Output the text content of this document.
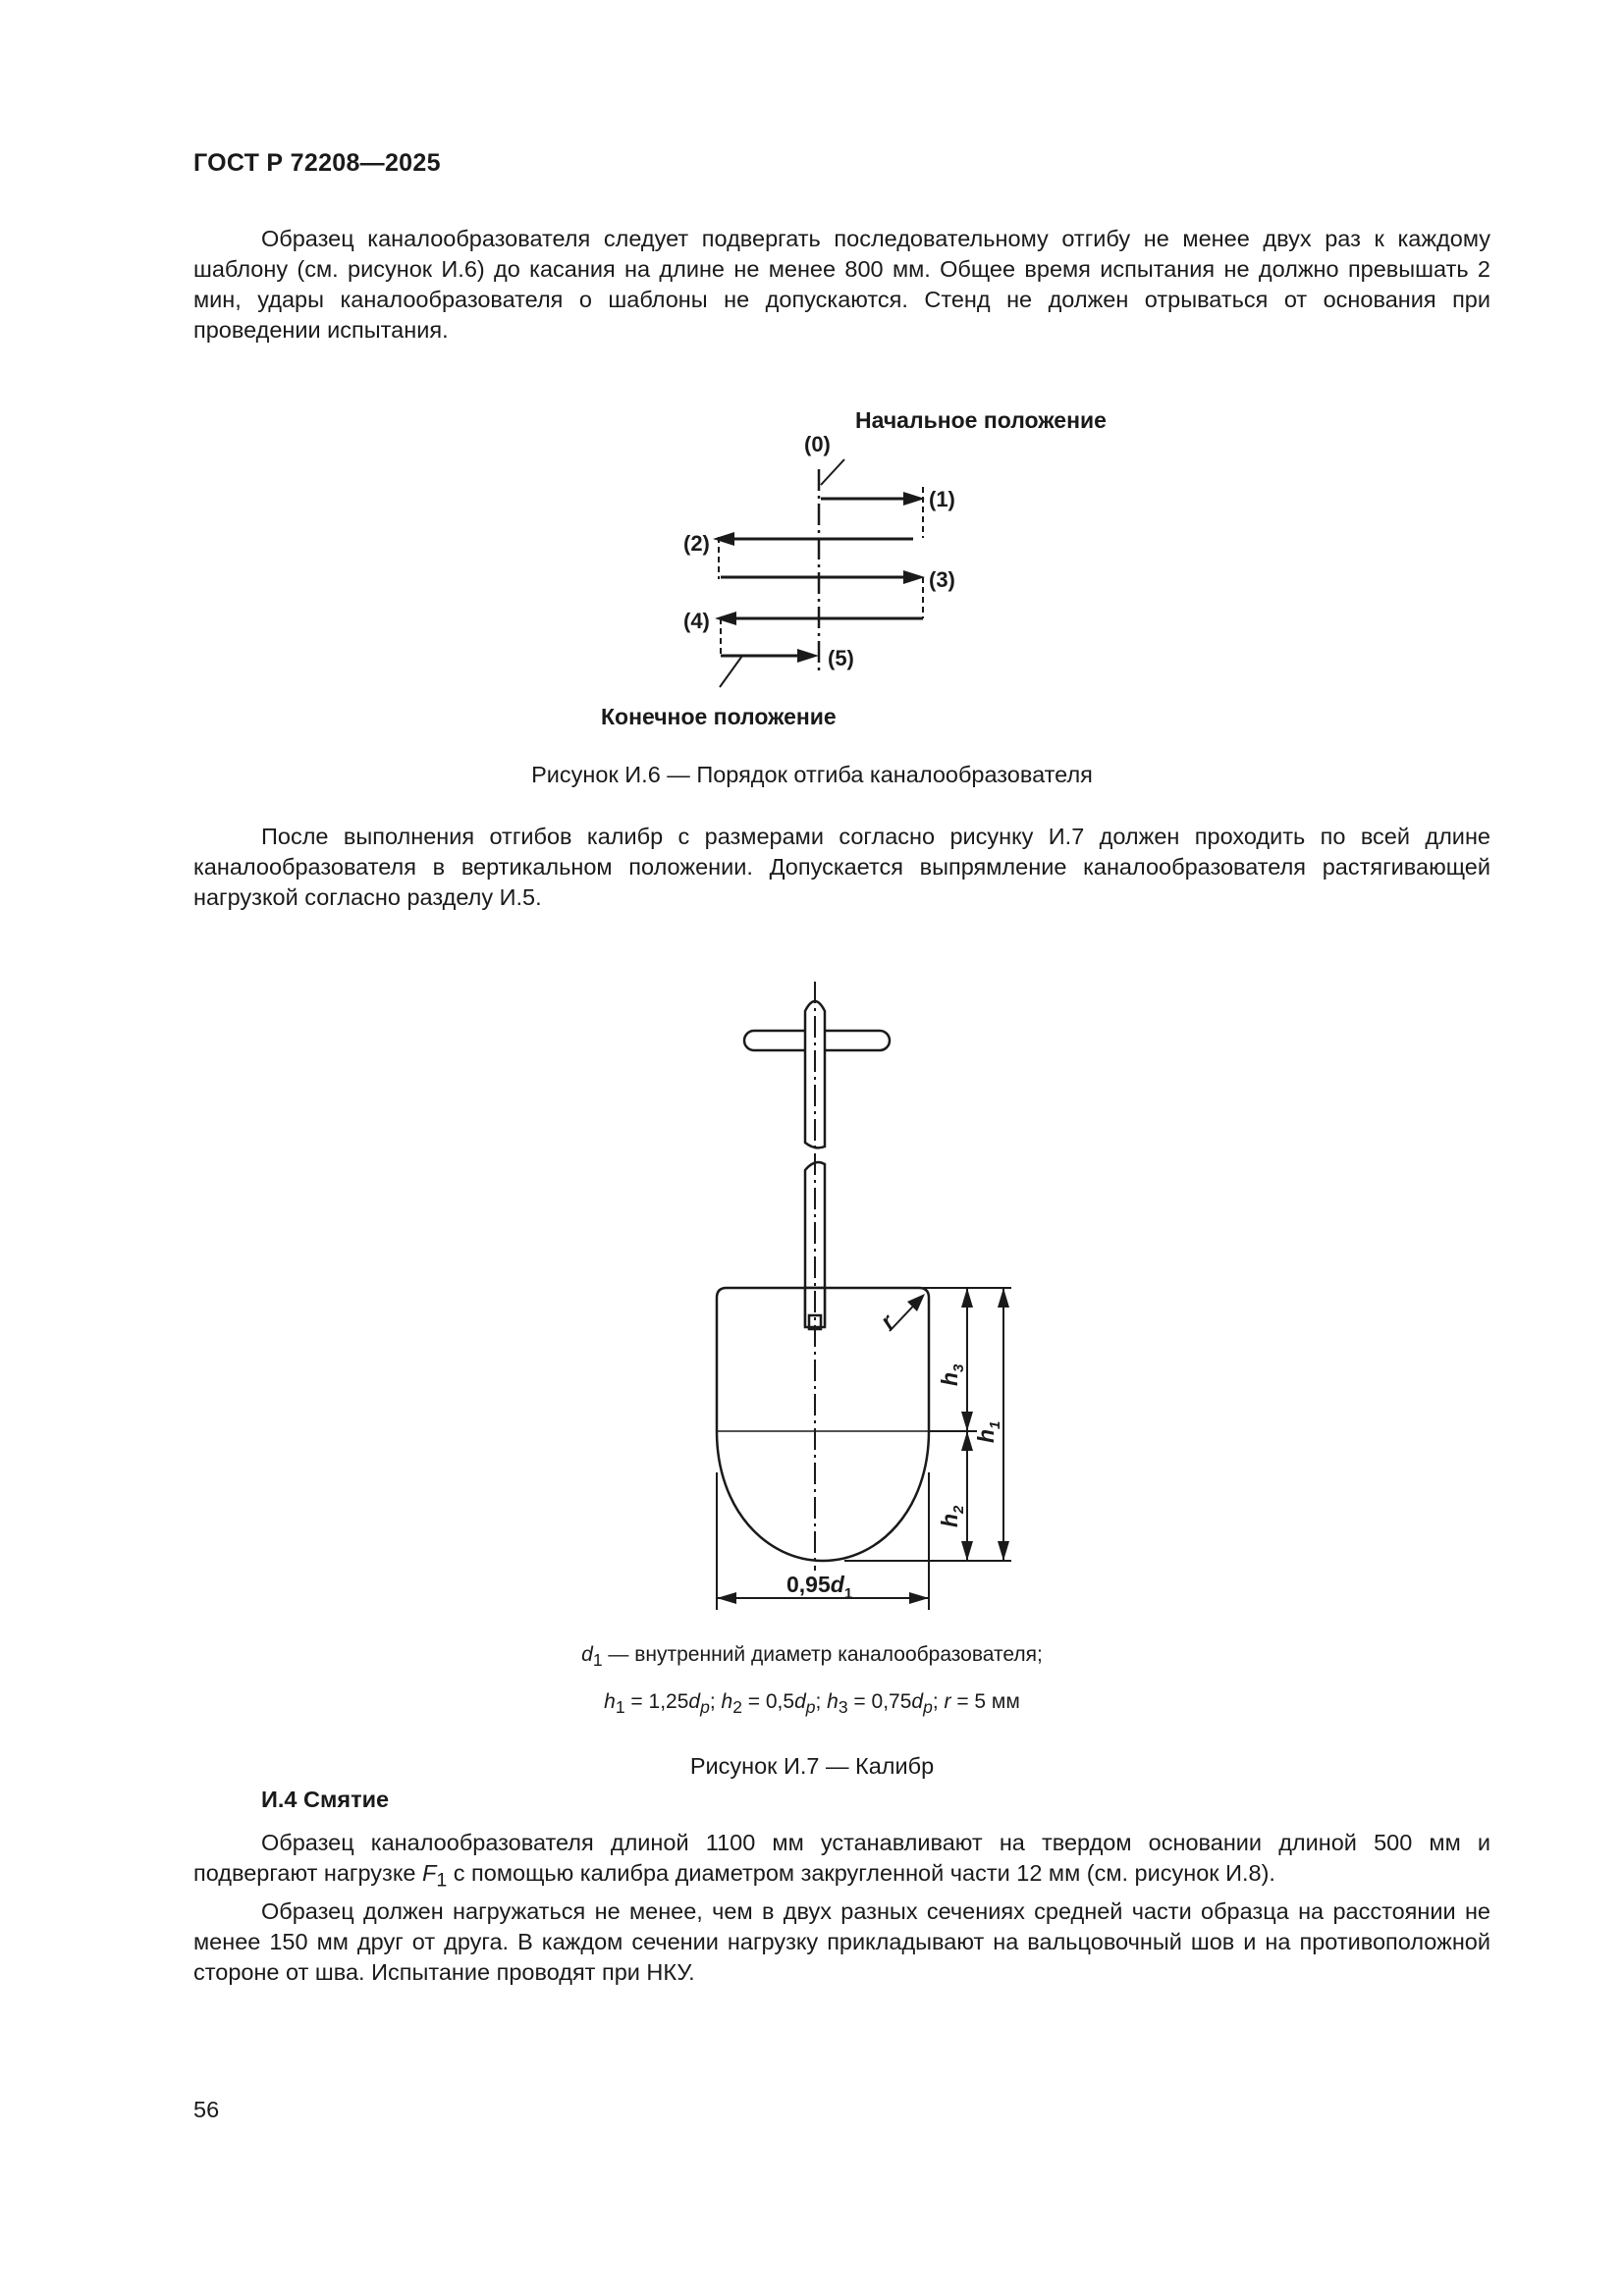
ГОСТ Р 72208—2025

Образец каналообразователя следует подвергать последовательному отгибу не менее двух раз к каждому шаблону (см. рисунок И.6) до касания на длине не менее 800 мм. Общее время испытания не должно превышать 2 мин, удары каналообразователя о шаблоны не допускаются. Стенд не должен отрываться от основания при проведении испытания.

Начальное положение
Конечное положение
(0)
(1)
(2)
(3)
(4)
(5)
$0,95d_1$
$h_3$
$h_2$
$h_1$
r
Рисунок И.6 — Порядок отгиба каналообразователя

После выполнения отгибов калибр с размерами согласно рисунку И.7 должен проходить по всей длине каналообразователя в вертикальном положении. Допускается выпрямление каналообразователя растягивающей нагрузкой согласно разделу И.5.

$d_1$ — внутренний диаметр каналообразователя;
$h_1 = 1,25d_p$; $h_2 = 0,5d_p$; $h_3 = 0,75d_p$; r = 5 мм
Рисунок И.7 — Калибр
И.4 Смятие

Образец каналообразователя длиной 1100 мм устанавливают на твердом основании длиной 500 мм и подвергают нагрузке $F_1$ с помощью калибра диаметром закругленной части 12 мм (см. рисунок И.8).

Образец должен нагружаться не менее, чем в двух разных сечениях средней части образца на расстоянии не менее 150 мм друг от друга. В каждом сечении нагрузку прикладывают на вальцовочный шов и на противоположной стороне от шва. Испытание проводят при НКУ.

56
